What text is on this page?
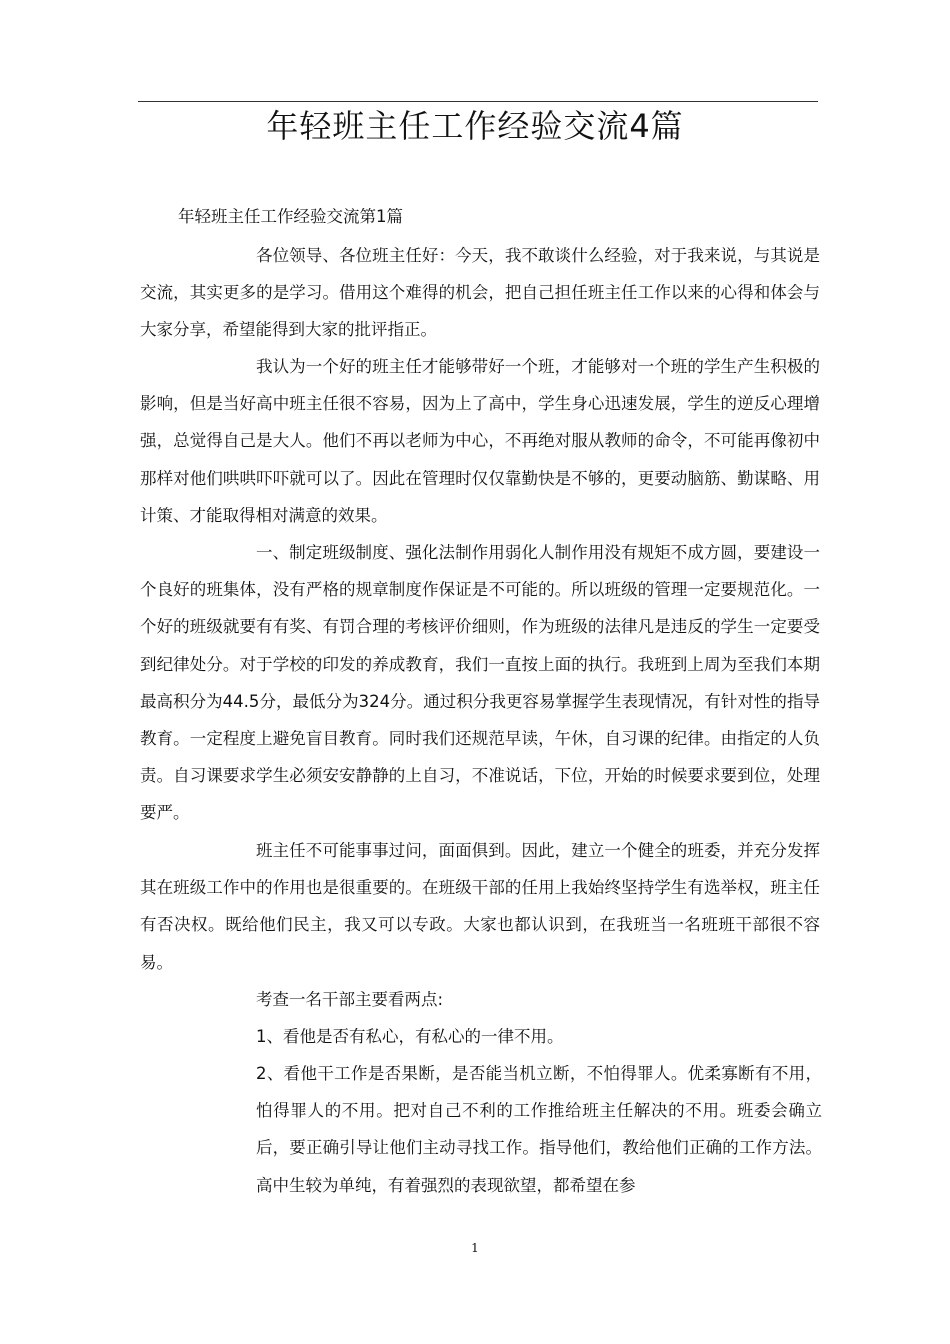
年轻班主任工作经验交流4篇

年轻班主任工作经验交流第1篇

各位领导、各位班主任好：今天，我不敢谈什么经验，对于我来说，与其说是交流，其实更多的是学习。借用这个难得的机会，把自己担任班主任工作以来的心得和体会与大家分享，希望能得到大家的批评指正。

我认为一个好的班主任才能够带好一个班，才能够对一个班的学生产生积极的影响，但是当好高中班主任很不容易，因为上了高中，学生身心迅速发展，学生的逆反心理增强，总觉得自己是大人。他们不再以老师为中心，不再绝对服从教师的命令，不可能再像初中那样对他们哄哄吓吓就可以了。因此在管理时仅仅靠勤快是不够的，更要动脑筋、勤谋略、用计策、才能取得相对满意的效果。

一、制定班级制度、强化法制作用弱化人制作用没有规矩不成方圆，要建设一个良好的班集体，没有严格的规章制度作保证是不可能的。所以班级的管理一定要规范化。一个好的班级就要有有奖、有罚合理的考核评价细则，作为班级的法律凡是违反的学生一定要受到纪律处分。对于学校的印发的养成教育，我们一直按上面的执行。我班到上周为至我们本期最高积分为44.5分，最低分为324分。通过积分我更容易掌握学生表现情况，有针对性的指导教育。一定程度上避免盲目教育。同时我们还规范早读，午休，自习课的纪律。由指定的人负责。自习课要求学生必须安安静静的上自习，不准说话，下位，开始的时候要求要到位，处理要严。

班主任不可能事事过问，面面俱到。因此，建立一个健全的班委，并充分发挥其在班级工作中的作用也是很重要的。在班级干部的任用上我始终坚持学生有选举权，班主任有否决权。既给他们民主，我又可以专政。大家也都认识到，在我班当一名班班干部很不容易。

考查一名干部主要看两点:

1、看他是否有私心，有私心的一律不用。

2、看他干工作是否果断，是否能当机立断，不怕得罪人。优柔寡断有不用，怕得罪人的不用。把对自己不利的工作推给班主任解决的不用。班委会确立后，要正确引导让他们主动寻找工作。指导他们，教给他们正确的工作方法。高中生较为单纯，有着强烈的表现欲望，都希望在参

1
